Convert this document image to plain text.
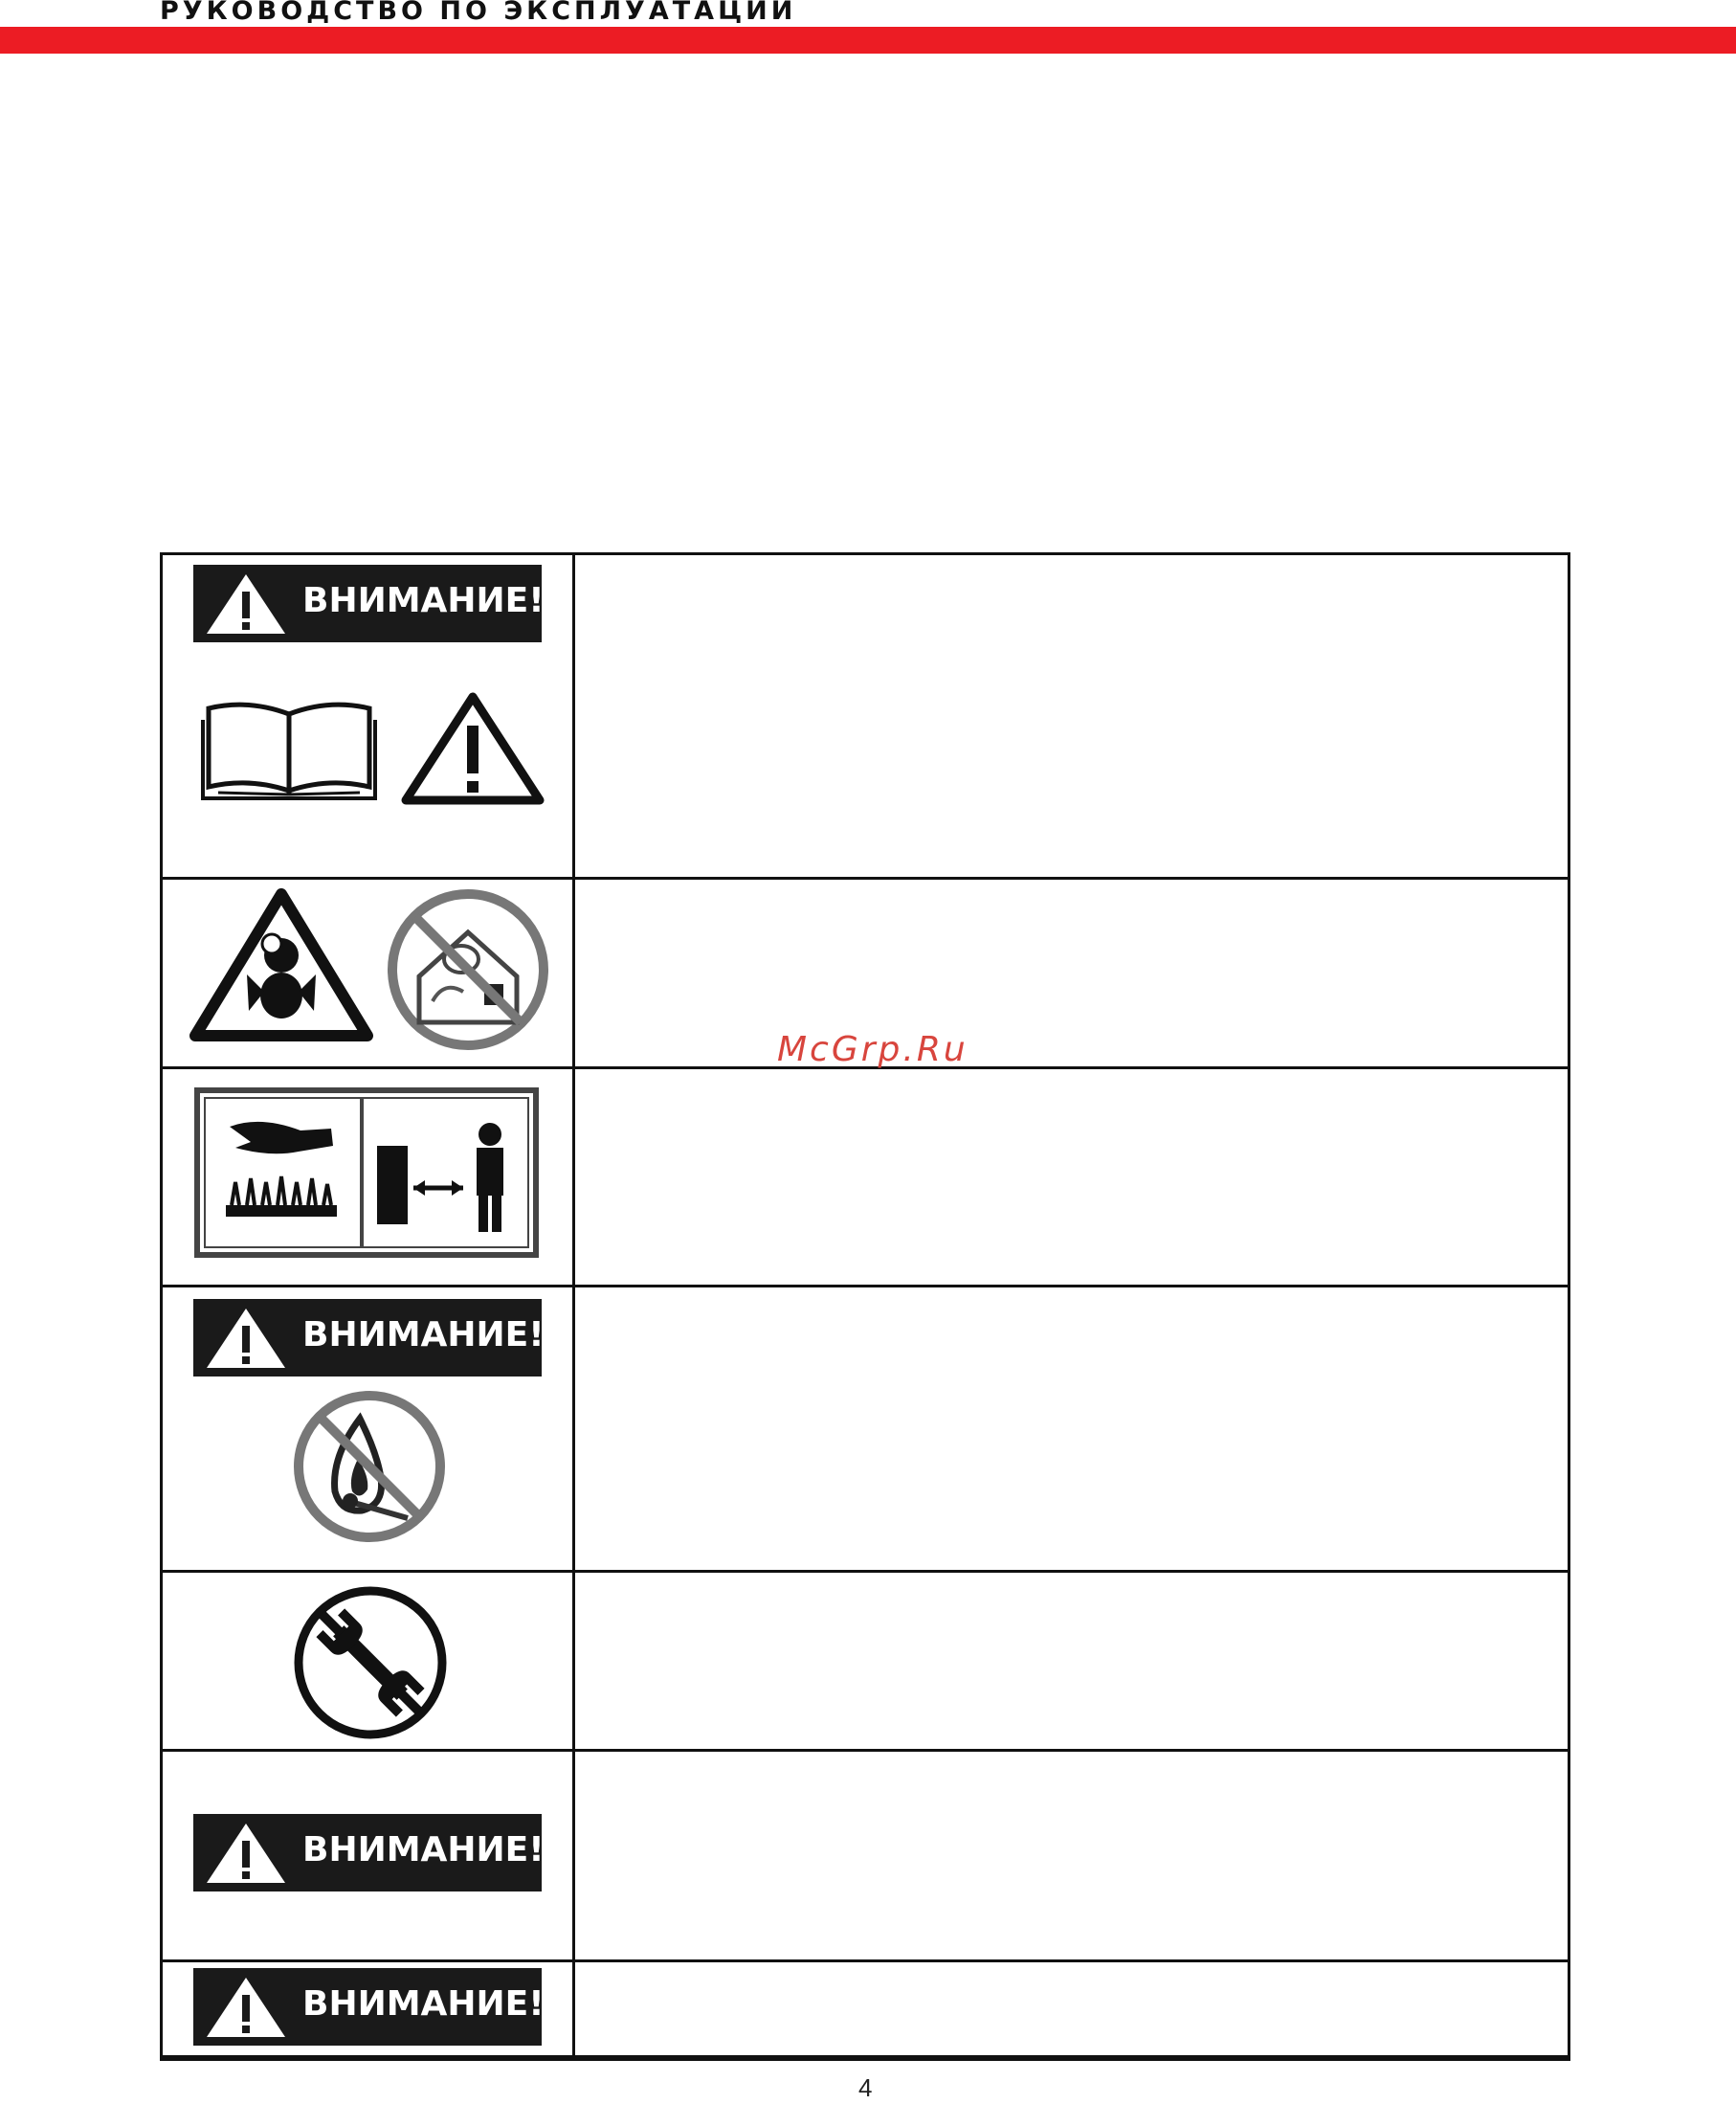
РУКОВОДСТВО ПО ЭКСПЛУАТАЦИИ
ВНИМАНИЕ!
McGrp.Ru
ВНИМАНИЕ!
ВНИМАНИЕ!
ВНИМАНИЕ!
4
